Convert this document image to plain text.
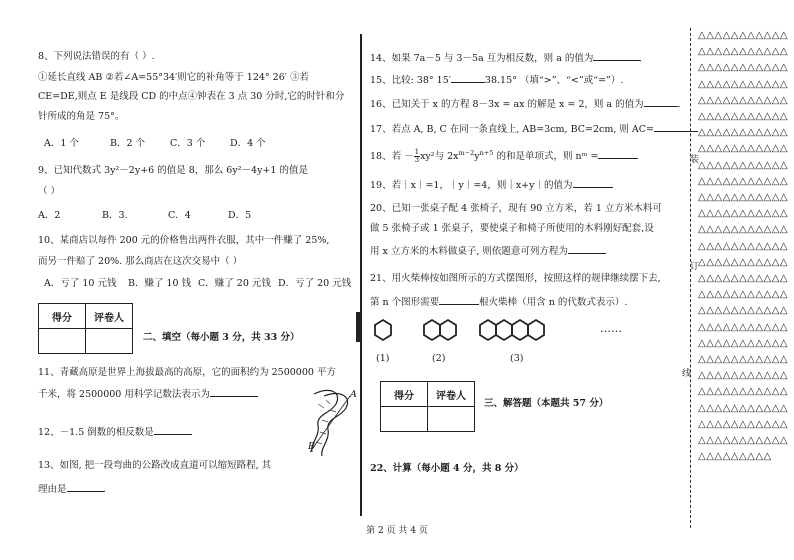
8、下列说法错误的有（ ）.
①延长直线 AB ②若∠A=55°34′则它的补角等于 124° 26′ ③若
CE=DE,则点 E 是线段 CD 的中点④钟表在 3 点 30 分时,它的时针和分
针所成的角是 75°。
A．1 个	B．2 个	C．3 个	D．4 个
9、已知代数式 3y²－2y+6 的值是 8，那么 6y²－4y+1 的值是
（ ）
A．2	B．3.	C．4	D．5
10、某商店以每件 200 元的价格售出两件衣服，其中一件赚了 25%,
而另一件赔了 20%. 那么商店在这次交易中（ ）
A．亏了 10 元钱 B．赚了 10 钱 C．赚了 20 元钱 D．亏了 20 元钱
得分	评卷人

二、填空（每小题 3 分，共 33 分）
11、青藏高原是世界上海拔最高的高原，它的面积约为 2500000 平方
千米，将 2500000 用科学记数法表示为
12、－1.5 倒数的相反数是
13、如图, 把一段弯曲的公路改成直道可以缩短路程, 其
理由是
A
B
14、如果 7a－5 与 3－5a 互为相反数，则 a 的值为
15、比较: 38° 15′	38.15° （填“>”、“<”或“=”）.
16、已知关于 x 的方程 8－3x = ax 的解是 x = 2，则 a 的值为	.
17、若点 A, B, C 在同一条直线上, AB=3cm, BC=2cm, 则 AC=
18、若 － $\frac{1}{3} xy^2$与 $2x^{m-2}y^{n+5}$ 的和是单项式，则 nᵐ =
19、若｜x｜=1，｜y｜=4，则｜x+y｜的值为
20、已知一张桌子配 4 张椅子，现有 90 立方米，若 1 立方米木料可
做 5 张椅子或 1 张桌子，要使桌子和椅子所使用的木料刚好配套,设
用 x 立方米的木料做桌子, 则依题意可列方程为
21、用火柴棒按如图所示的方式摆图形，按照这样的规律继续摆下去,
第 n 个图形需要	根火柴棒（用含 n 的代数式表示）.
……
(1)	(2)	(3)
得分	评卷人

三、解答题（本题共 57 分）
22、计算（每小题 4 分，共 8 分）
装
订
线
△△△△△△△△△△△△△△△△△△△△△△△△△△△△△△△△△△△△△△△△△△△△△△△△△△△△△△△△△△△△△△△△△△△△△△△△△△△△△△△△△△△△△△△△△△△△△△△△△△△△△△△△△△△△△△△△△△△△△△△△△△△△△△△△△△△△△△△△△△△△△△△△△△△△△△△△△△△△△△△△△△△△△△△△△△△△△△△△△△△△△△△△△△△△△△△△△△△△△△△△△△△△△△△△△△△△△△△△△△△△△△△△△△△△△△△△△△△△△△△△△△△△△△△△△△△△△△△△△△△△△△△△△△△△△△△△△△△△△△△△△△△△△△△△△△△△△△△
第 2 页 共 4 页
